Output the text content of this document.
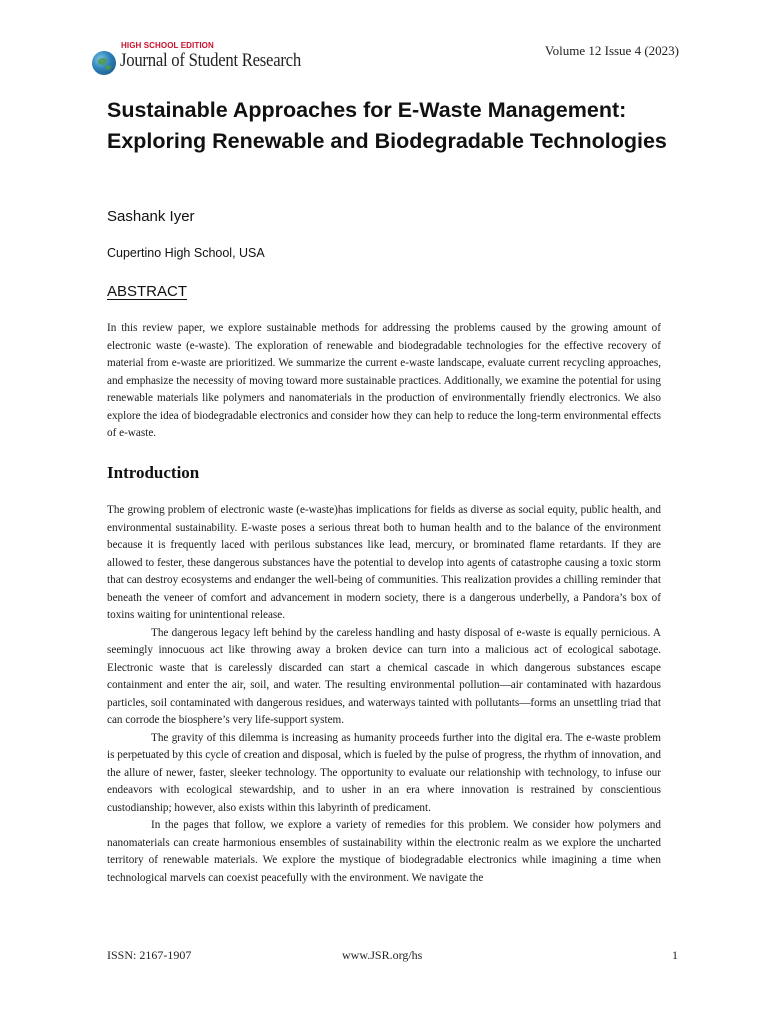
HIGH SCHOOL EDITION
Journal of Student Research	Volume 12 Issue 4 (2023)
Sustainable Approaches for E-Waste Management: Exploring Renewable and Biodegradable Technologies
Sashank Iyer
Cupertino High School, USA
ABSTRACT

In this review paper, we explore sustainable methods for addressing the problems caused by the growing amount of electronic waste (e-waste). The exploration of renewable and biodegradable technologies for the effective recovery of material from e-waste are prioritized. We summarize the current e-waste landscape, evaluate current recycling approaches, and emphasize the necessity of moving toward more sustainable practices. Additionally, we examine the potential for using renewable materials like polymers and nanomaterials in the production of environmentally friendly electronics. We also explore the idea of biodegradable electronics and consider how they can help to reduce the long-term environmental effects of e-waste.

Introduction

The growing problem of electronic waste (e-waste)has implications for fields as diverse as social equity, public health, and environmental sustainability. E-waste poses a serious threat both to human health and to the balance of the environment because it is frequently laced with perilous substances like lead, mercury, or brominated flame retardants. If they are allowed to fester, these dangerous substances have the potential to develop into agents of catastrophe causing a toxic storm that can destroy ecosystems and endanger the well-being of communities. This realization provides a chilling reminder that beneath the veneer of comfort and advancement in modern society, there is a dangerous underbelly, a Pandora’s box of toxins waiting for unintentional release.

The dangerous legacy left behind by the careless handling and hasty disposal of e-waste is equally pernicious. A seemingly innocuous act like throwing away a broken device can turn into a malicious act of ecological sabotage. Electronic waste that is carelessly discarded can start a chemical cascade in which dangerous substances escape containment and enter the air, soil, and water. The resulting environmental pollution—air contaminated with hazardous particles, soil contaminated with dangerous residues, and waterways tainted with pollutants—forms an unsettling triad that can corrode the biosphere’s very life-support system.

The gravity of this dilemma is increasing as humanity proceeds further into the digital era. The e-waste problem is perpetuated by this cycle of creation and disposal, which is fueled by the pulse of progress, the rhythm of innovation, and the allure of newer, faster, sleeker technology. The opportunity to evaluate our relationship with technology, to infuse our endeavors with ecological stewardship, and to usher in an era where innovation is restrained by conscientious custodianship; however, also exists within this labyrinth of predicament.

In the pages that follow, we explore a variety of remedies for this problem. We consider how polymers and nanomaterials can create harmonious ensembles of sustainability within the electronic realm as we explore the uncharted territory of renewable materials. We explore the mystique of biodegradable electronics while imagining a time when technological marvels can coexist peacefully with the environment. We navigate the

ISSN: 2167-1907	www.JSR.org/hs	1
